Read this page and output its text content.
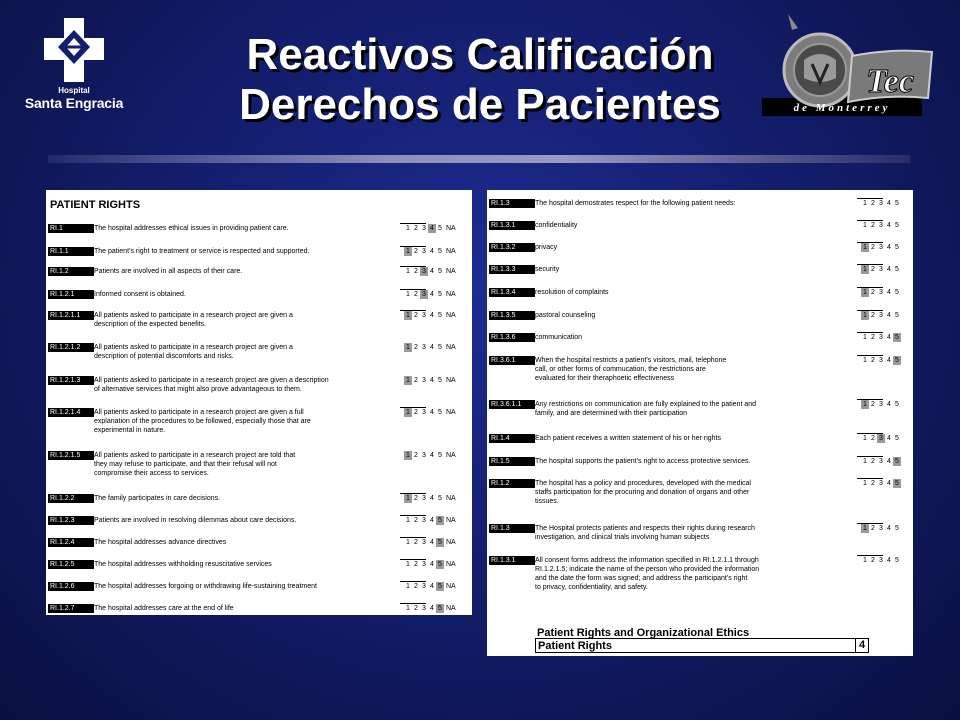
Hospital
Santa Engracia
Reactivos Calificación
Derechos de Pacientes	Tec
de Monterrey
PATIENT RIGHTS
RI.1	The hospital addresses ethical issues in providing patient care.	1 2 3 4 5 NA
RI.1.1	The patient’s right to treatment or service is respected and supported.	1 2 3 4 5 NA
RI.1.2	Patients are involved in all aspects of their care.	1 2 3 4 5 NA
RI.1.2.1	Informed consent is obtained.	1 2 3 4 5 NA
RI.1.2.1.1	All patients asked to participate in a research project are given a
description of the expected benefits.
1 2 3 4 5 NA
RI.1.2.1.2	All patients asked to participate in a research project are given a
description of potential discomforts and risks.
1 2 3 4 5 NA
RI.1.2.1.3	All patients asked to participate in a research project are given a description
of alternative services that might also prove advantageous to them.
1 2 3 4 5 NA
RI.1.2.1.4	All patients asked to participate in a research project are given a full
explanation of the procedures to be followed, especially those that are
experimental in nature.
1 2 3 4 5 NA
RI.1.2.1.5	All patients asked to participate in a research project are told that
they may refuse to participate, and that their refusal will not
compromise their access to services.
1 2 3 4 5 NA
RI.1.2.2	The family participates in care decisions.	1 2 3 4 5 NA
RI.1.2.3	Patients are involved in resolving dilemmas about care decisions.	1 2 3 4 5 NA
RI.1.2.4	The hospital addresses advance directives	1 2 3 4 5 NA
RI.1.2.5	The hospital addresses withholding resuscitative services	1 2 3 4 5 NA
RI.1.2.6	The hospital addresses forgoing or withdrawing life-sustaining treatment	1 2 3 4 5 NA
RI.1.2.7	The hospital addresses care at the end of life	1 2 3 4 5 NA
RI.1.3	The hospital demostrates respect for the following patient needs:	1 2 3 4 5
RI.1.3.1	confidentiality	1 2 3 4 5
RI.1.3.2	privacy	1 2 3 4 5
RI.1.3.3	security	1 2 3 4 5
RI.1.3.4	resolution of complaints	1 2 3 4 5
RI.1.3.5	pastoral counseling	1 2 3 4 5
RI.1.3.6	communication	1 2 3 4 5
RI.3.6.1	When the hospital restricts a patient’s visitors, mail, telephone
call, or other forms of commucation, the restrictions are
evaluated for their theraphoetic effectiveness
1 2 3 4 5
RI.3.6.1.1	Any restrictions on communication are fully explained to the patient and
family, and are determined with their participation
1 2 3 4 5
RI.1.4	Each patient receives a written statement of his or her rights	1 2 3 4 5
RI.1.5	The hospital supports the patient’s right to access protective services.	1 2 3 4 5
RI.1.2	The hospital has a policy and procedures, developed with the medical
staffs participation for the procuring and donation of organs and other
tissues.
1 2 3 4 5
RI.1.3	The Hospital protects patients and respects their rights during research
investigation, and clinical trials involving human subjects
1 2 3 4 5
RI.1.3.1	All consent forms address the information specified in RI.1.2.1.1 through
RI.1.2.1.5; indicate the name of the person who provided the information
and the date the form was signed; and address the participant’s right
to privacy, confidentiality, and safety.
1 2 3 4 5
Patient Rights and Organizational Ethics
Patient Rights	4
